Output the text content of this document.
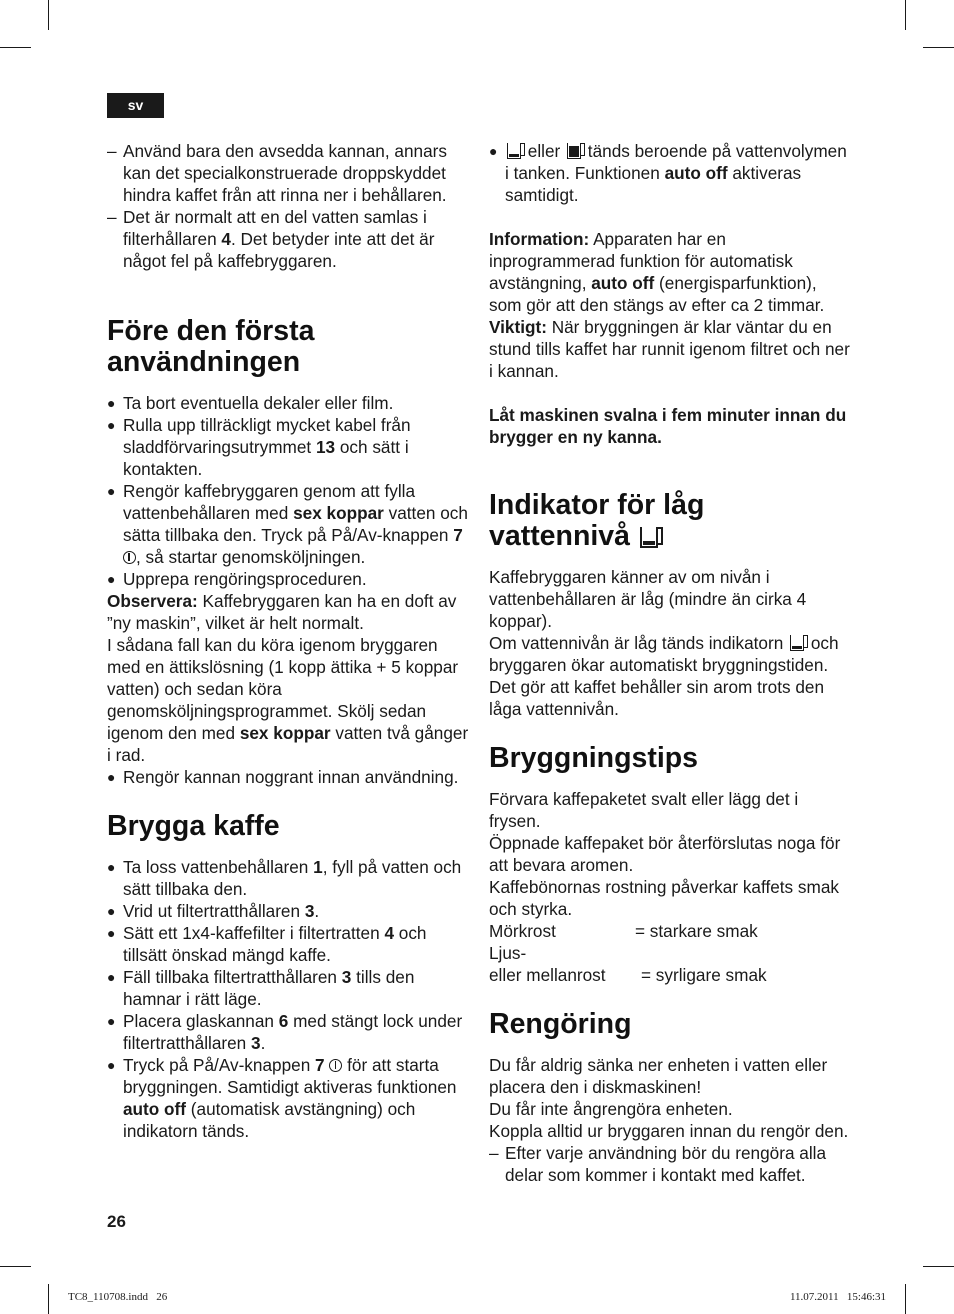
sv

– Använd bara den avsedda kannan, annars kan det specialkonstruerade droppskyddet hindra kaffet från att rinna ner i behållaren.

– Det är normalt att en del vatten samlas i filterhållaren 4. Det betyder inte att det är något fel på kaffebryggaren.

Före den första användningen

● Ta bort eventuella dekaler eller film.

● Rulla upp tillräckligt mycket kabel från sladdförvaringsutrymmet 13 och sätt i kontakten.

● Rengör kaffebryggaren genom att fylla vattenbehållaren med sex koppar vatten och sätta tillbaka den. Tryck på På/Av-knappen 7 , så startar genomsköljningen.

● Upprepa rengöringsproceduren.

Observera: Kaffebryggaren kan ha en doft av ”ny maskin”, vilket är helt normalt.

I sådana fall kan du köra igenom bryggaren med en ättikslösning (1 kopp ättika + 5 koppar vatten) och sedan köra genomsköljningsprogrammet. Skölj sedan igenom den med sex koppar vatten två gånger i rad.

● Rengör kannan noggrant innan användning.

Brygga kaffe

● Ta loss vattenbehållaren 1, fyll på vatten och sätt tillbaka den.

● Vrid ut filtertratthållaren 3.

● Sätt ett 1x4-kaffefilter i filtertratten 4 och tillsätt önskad mängd kaffe.

● Fäll tillbaka filtertratthållaren 3 tills den hamnar i rätt läge.

● Placera glaskannan 6 med stängt lock under filtertratthållaren 3.

● Tryck på På/Av-knappen 7  för att starta bryggningen. Samtidigt aktiveras funktionen auto off (automatisk avstängning) och indikatorn tänds.

● eller
tänds beroende på vattenvolymen i tanken. Funktionen auto off aktiveras samtidigt.

Information: Apparaten har en inprogrammerad funktion för automatisk avstängning, auto off (energisparfunktion), som gör att den stängs av efter ca 2 timmar.

Viktigt: När bryggningen är klar väntar du en stund tills kaffet har runnit igenom filtret och ner i kannan.

Låt maskinen svalna i fem minuter innan du brygger en ny kanna.

Indikator för låg vattennivå

Kaffebryggaren känner av om nivån i vattenbehållaren är låg (mindre än cirka 4 koppar).

Om vattennivån är låg tänds indikatorn
och bryggaren ökar automatiskt bryggningstiden. Det gör att kaffet behåller sin arom trots den låga vattennivån.

Bryggningstips

Förvara kaffepaketet svalt eller lägg det i frysen.

Öppnade kaffepaket bör återförslutas noga för att bevara aromen.

Kaffebönornas rostning påverkar kaffets smak och styrka.

Mörkrost	= starkare smak
Ljus-
eller mellanrost	= syrligare smak
Rengöring

Du får aldrig sänka ner enheten i vatten eller placera den i diskmaskinen!

Du får inte ångrengöra enheten.

Koppla alltid ur bryggaren innan du rengör den.

– Efter varje användning bör du rengöra alla delar som kommer i kontakt med kaffet.

26
TC8_110708.indd   26	11.07.2011   15:46:31
